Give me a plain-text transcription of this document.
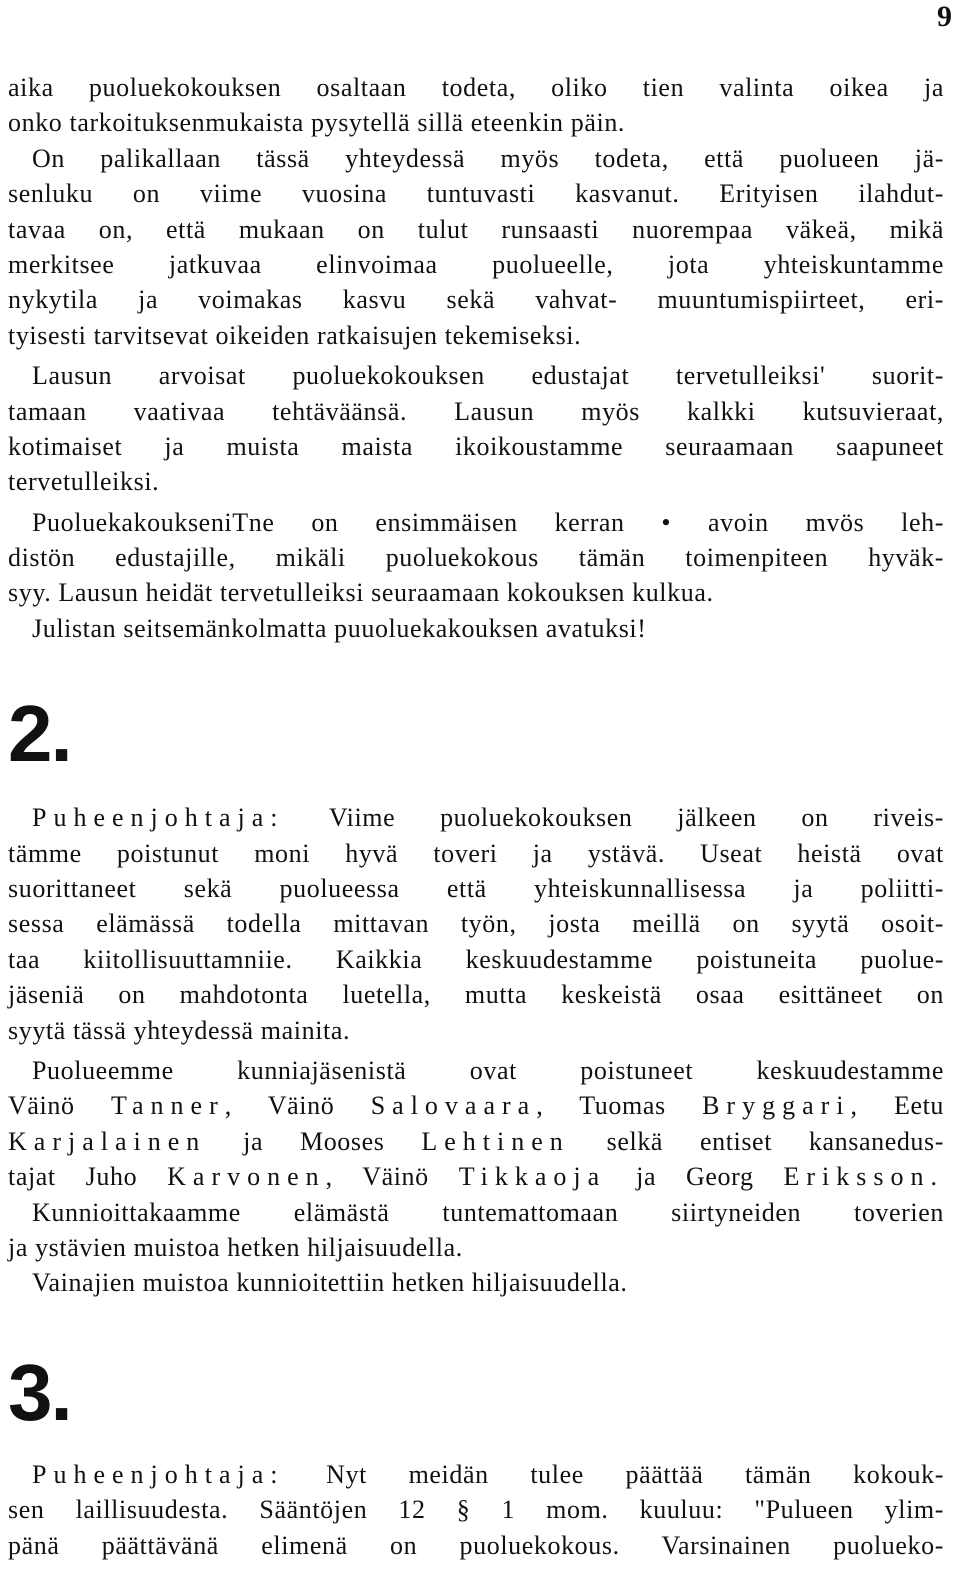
9
aika puoluekokouksen osaltaan todeta, oliko tien valinta oikea ja
onko tarkoituksenmukaista pysytellä sillä eteenkin päin.
On palikallaan tässä yhteydessä myös todeta, että puolueen jä-
senluku on viime vuosina tuntuvasti kasvanut. Erityisen ilahdut-
tavaa on, että mukaan on tulut runsaasti nuorempaa väkeä, mikä
merkitsee jatkuvaa elinvoimaa puolueelle, jota yhteiskuntamme
nykytila ja voimakas kasvu sekä vahvat- muuntumispiirteet, eri-
tyisesti tarvitsevat oikeiden ratkaisujen tekemiseksi.
Lausun arvoisat puoluekokouksen edustajat tervetulleiksi' suorit-
tamaan vaativaa tehtäväänsä. Lausun myös kalkki kutsuvieraat,
kotimaiset ja muista maista ikoikoustamme seuraamaan saapuneet
tervetulleiksi.
PuoluekakoukseniTne on ensimmäisen kerran • avoin mvös leh-
distön edustajille, mikäli puoluekokous tämän toimenpiteen hyväk-
syy. Lausun heidät tervetulleiksi seuraamaan kokouksen kulkua.
Julistan seitsemänkolmatta puuoluekakouksen avatuksi!
2.
Puheenjohtaja: Viime puoluekokouksen jälkeen on riveis-
tämme poistunut moni hyvä toveri ja ystävä. Useat heistä ovat
suorittaneet sekä puolueessa että yhteiskunnallisessa ja poliitti-
sessa elämässä todella mittavan työn, josta meillä on syytä osoit-
taa kiitollisuuttamniie. Kaikkia keskuudestamme poistuneita puolue-
jäseniä on mahdotonta luetella, mutta keskeistä osaa esittäneet on
syytä tässä yhteydessä mainita.
Puolueemme kunniajäsenistä ovat poistuneet keskuudestamme
Väinö Tanner, Väinö Salovaara, Tuomas Bryggari, Eetu
Karjalainen ja Mooses Lehtinen selkä entiset kansanedus-
tajat Juho Karvonen, Väinö Tikkaoja ja Georg Eriksson.
Kunnioittakaamme elämästä tuntemattomaan siirtyneiden toverien
ja ystävien muistoa hetken hiljaisuudella.
Vainajien muistoa kunnioitettiin hetken hiljaisuudella.
3.
Puheenjohtaja: Nyt meidän tulee päättää tämän kokouk-
sen laillisuudesta. Sääntöjen 12 § 1 mom. kuuluu: "Pulueen ylim-
pänä päättävänä elimenä on puoluekokous. Varsinainen puolueko-
